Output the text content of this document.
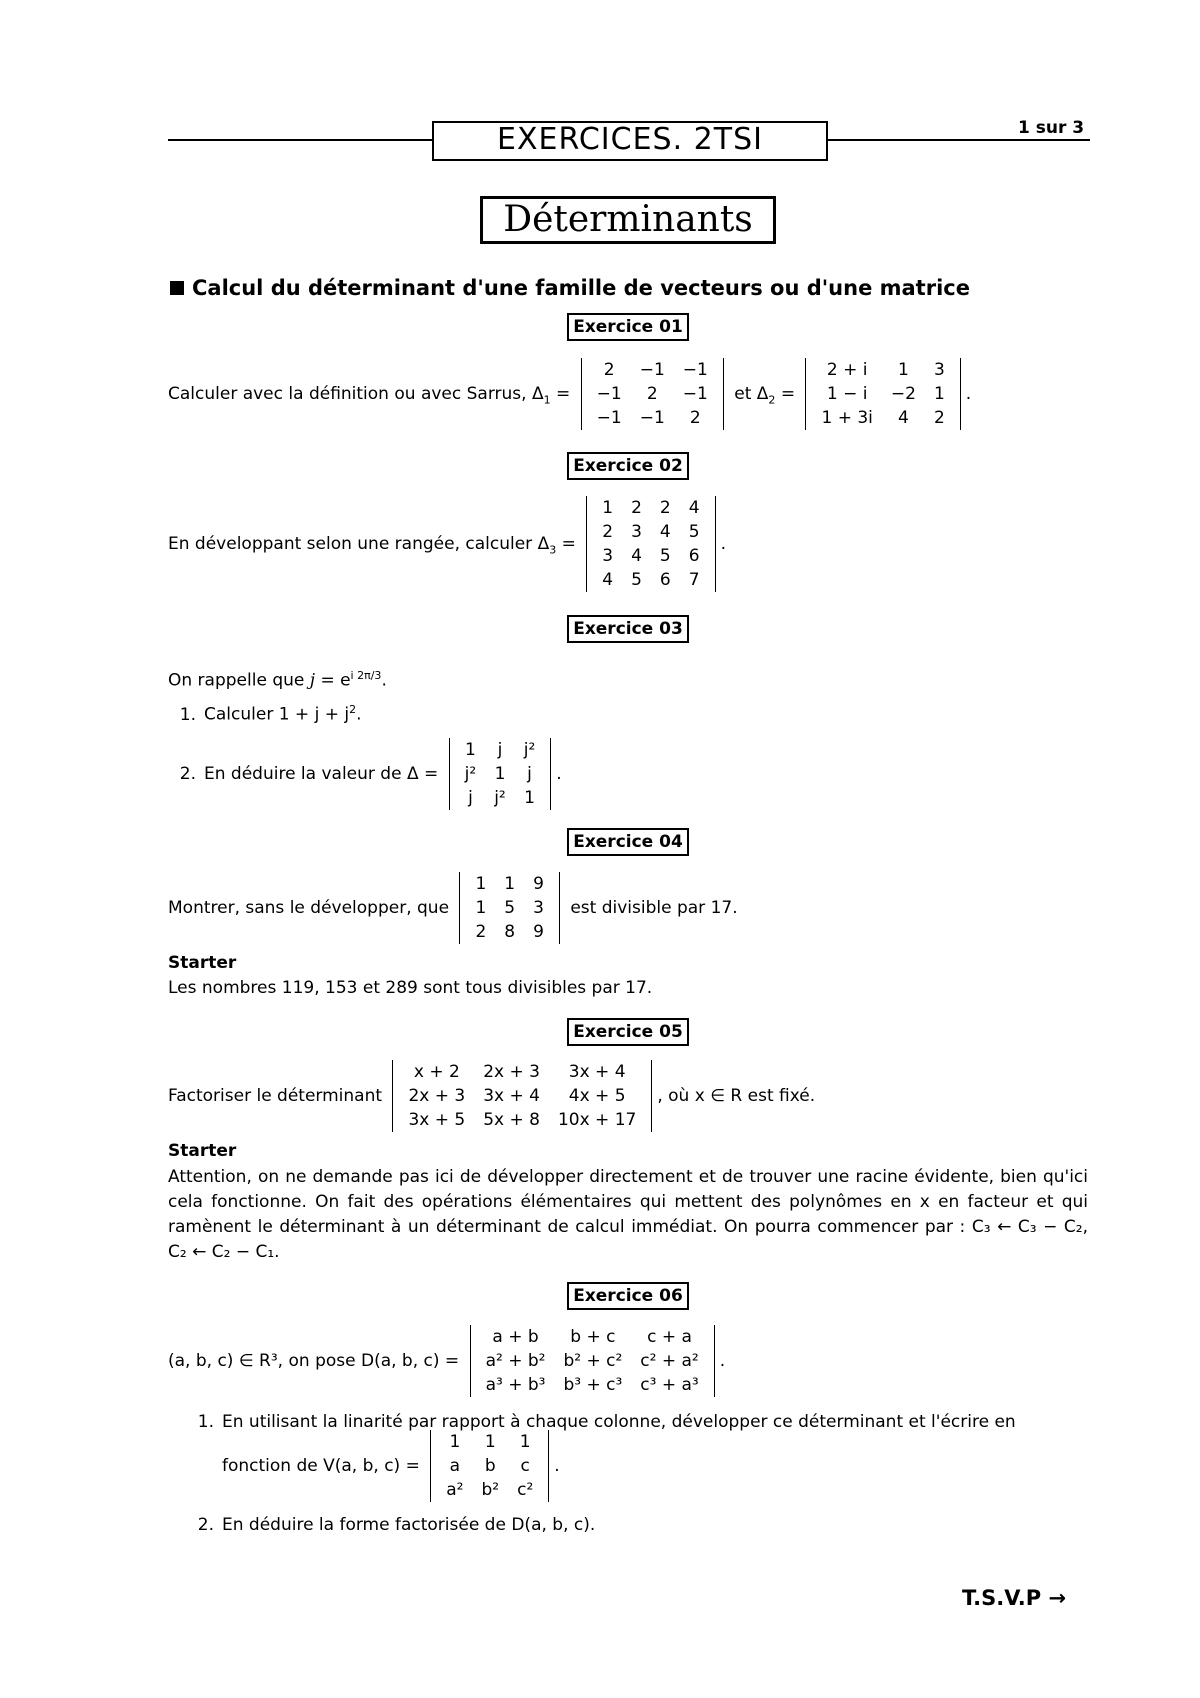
EXERCICES. 2TSI	1 sur 3
Déterminants
Calcul du déterminant d'une famille de vecteurs ou d'une matrice
Exercice 01
Calculer avec la définition ou avec Sarrus, $\Delta_1$ =
2	−1	−1
−1	2	−1
−1	−1	2
et $\Delta_2$ =
2 + i	1	3
1 − i	−2	1
1 + 3i	4	2
.
Exercice 02
En développant selon une rangée, calculer $\Delta_3$ =
1	2	2	4
2	3	4	5
3	4	5	6
4	5	6	7
.
Exercice 03
On rappelle que $j = e^{i 2\pi/3}$.
1. Calculer $1 + j + j^2$.
2. En déduire la valeur de Δ =
1	j	j²
j²	1	j
j	j²	1
.
Exercice 04
Montrer, sans le développer, que
1	1	9
1	5	3
2	8	9
est divisible par 17.
Starter
Les nombres 119, 153 et 289 sont tous divisibles par 17.
Exercice 05
Factoriser le déterminant
x + 2	2x + 3	3x + 4
2x + 3	3x + 4	4x + 5
3x + 5	5x + 8	10x + 17
, où x ∈ R est fixé.
Starter
Attention, on ne demande pas ici de développer directement et de trouver une racine évidente, bien qu'ici cela fonctionne. On fait des opérations élémentaires qui mettent des polynômes en x en facteur et qui ramènent le déterminant à un déterminant de calcul immédiat. On pourra commencer par : C₃ ← C₃ − C₂, C₂ ← C₂ − C₁.
Exercice 06
(a, b, c) ∈ R³, on pose D(a, b, c) =
a + b	b + c	c + a
a² + b²	b² + c²	c² + a²
a³ + b³	b³ + c³	c³ + a³
.
1. En utilisant la linarité par rapport à chaque colonne, développer ce déterminant et l'écrire en
fonction de V(a, b, c) =
1	1	1
a	b	c
a²	b²	c²
.
2. En déduire la forme factorisée de D(a, b, c).
T.S.V.P →
